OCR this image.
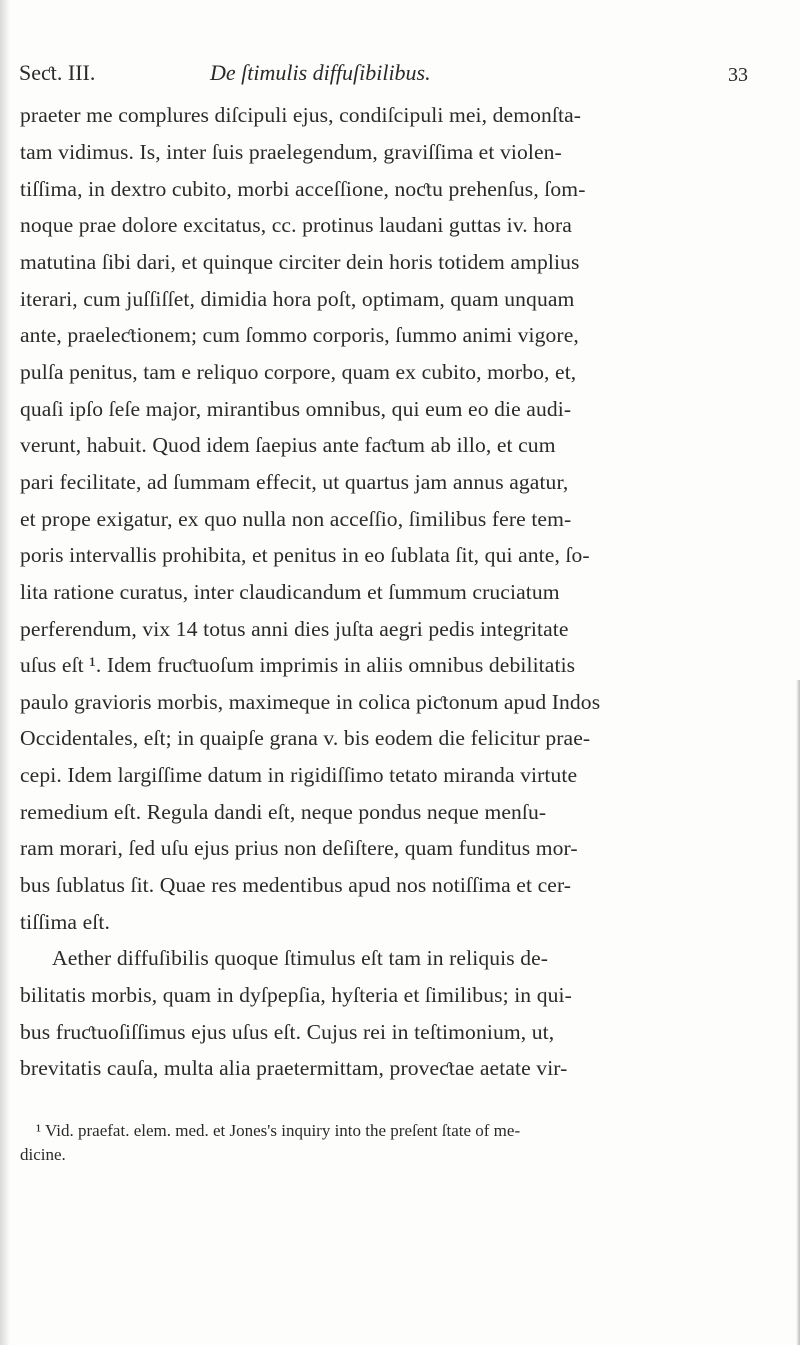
Seƈt. III.	De ſtimulis diffuſibilibus.	33
praeter me complures diſcipuli ejus, condiſcipuli mei, demonſta-
tam vidimus. Is, inter ſuis praelegendum, graviſſima et violen-
tiſſima, in dextro cubito, morbi acceſſione, noƈtu prehenſus, ſom-
noque prae dolore excitatus, cc. protinus laudani guttas iv. hora
matutina ſibi dari, et quinque circiter dein horis totidem amplius
iterari, cum juſſiſſet, dimidia hora poſt, optimam, quam unquam
ante, praeleƈtionem; cum ſommo corporis, ſummo animi vigore,
pulſa penitus, tam e reliquo corpore, quam ex cubito, morbo, et,
quaſi ipſo ſeſe major, mirantibus omnibus, qui eum eo die audi-
verunt, habuit. Quod idem ſaepius ante faƈtum ab illo, et cum
pari fecilitate, ad ſummam effecit, ut quartus jam annus agatur,
et prope exigatur, ex quo nulla non acceſſio, ſimilibus fere tem-
poris intervallis prohibita, et penitus in eo ſublata ſit, qui ante, ſo-
lita ratione curatus, inter claudicandum et ſummum cruciatum
perferendum, vix 14 totus anni dies juſta aegri pedis integritate
uſus eſt ¹. Idem fruƈtuoſum imprimis in aliis omnibus debilitatis
paulo gravioris morbis, maximeque in colica piƈtonum apud Indos
Occidentales, eſt; in quaipſe grana v. bis eodem die felicitur prae-
cepi. Idem largiſſime datum in rigidiſſimo tetato miranda virtute
remedium eſt. Regula dandi eſt, neque pondus neque menſu-
ram morari, ſed uſu ejus prius non deſiſtere, quam funditus mor-
bus ſublatus ſit. Quae res medentibus apud nos notiſſima et cer-
tiſſima eſt.
Aether diffuſibilis quoque ſtimulus eſt tam in reliquis de-
bilitatis morbis, quam in dyſpepſia, hyſteria et ſimilibus; in qui-
bus fruƈtuoſiſſimus ejus uſus eſt. Cujus rei in teſtimonium, ut,
brevitatis cauſa, multa alia praetermittam, proveƈtae aetate vir-
¹ Vid. praefat. elem. med. et Jones's inquiry into the preſent ſtate of me-
dicine.
